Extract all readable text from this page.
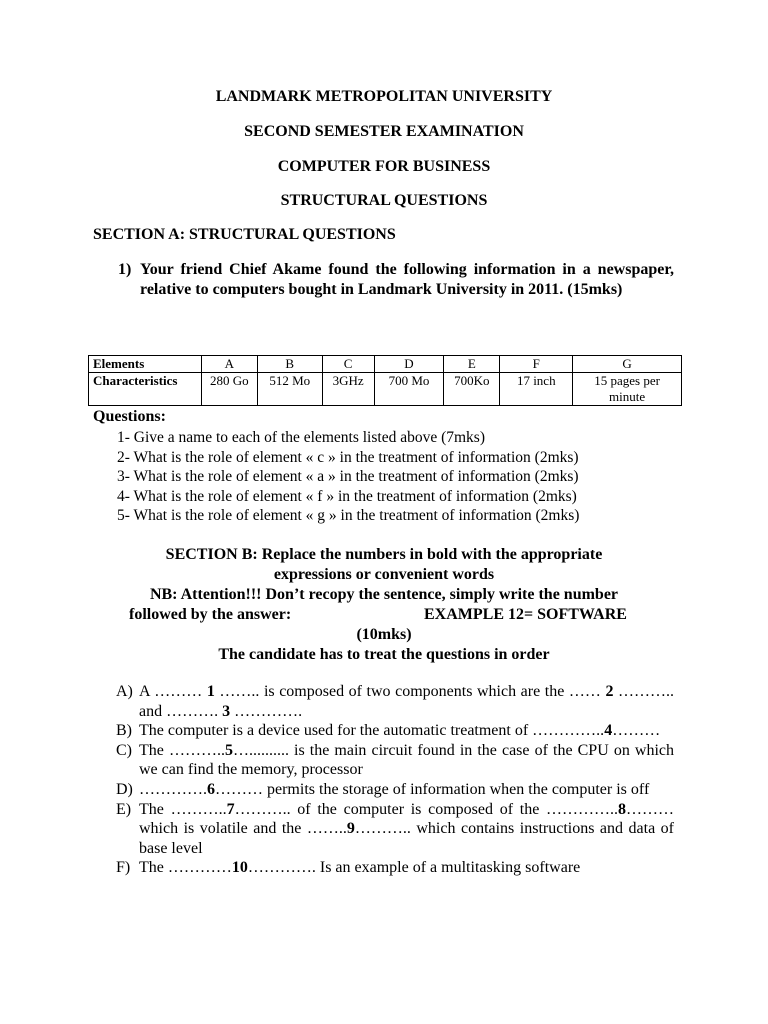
LANDMARK METROPOLITAN UNIVERSITY
SECOND SEMESTER EXAMINATION
COMPUTER FOR BUSINESS
STRUCTURAL QUESTIONS
SECTION A: STRUCTURAL QUESTIONS
1) Your friend Chief Akame found the following information in a newspaper, relative to computers bought in Landmark University in 2011. (15mks)
Elements	A	B	C	D	E	F	G
Characteristics	280 Go	512 Mo	3GHz	700 Mo	700Ko	17 inch	15 pages per minute
Questions:
1- Give a name to each of the elements listed above (7mks)
2- What is the role of element « c » in the treatment of information (2mks)
3- What is the role of element « a » in the treatment of information (2mks)
4- What is the role of element « f » in the treatment of information (2mks)
5- What is the role of element « g » in the treatment of information (2mks)
SECTION B: Replace the numbers in bold with the appropriate
expressions or convenient words
NB: Attention!!! Don’t recopy the sentence, simply write the number
followed by the answer:	EXAMPLE 12= SOFTWARE
(10mks)
The candidate has to treat the questions in order
A) A ……… 1 …….. is composed of two components which are the …… 2 ……….. and ………. 3 ………….
B) The computer is a device used for the automatic treatment of …………..4………
C) The ………..5….......... is the main circuit found in the case of the CPU on which we can find the memory, processor
D) ………….6……… permits the storage of information when the computer is off
E) The ………..7……….. of the computer is composed of the …………..8……… which is volatile and the ……..9……….. which contains instructions and data of base level
F) The …………10…………. Is an example of a multitasking software
